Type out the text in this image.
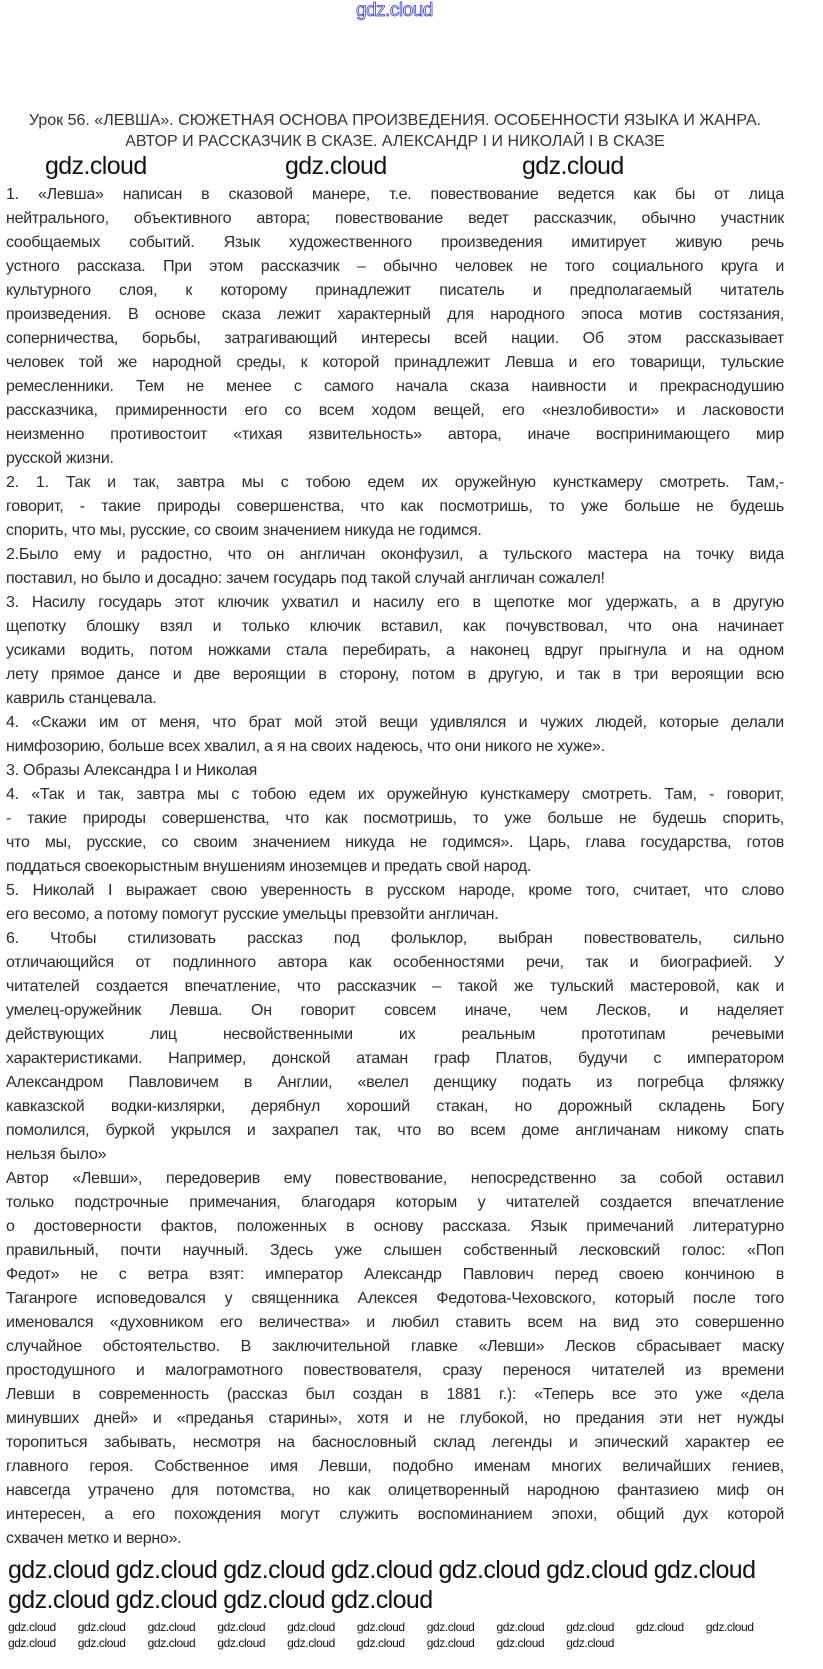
gdz.cloud
Урок 56. «ЛЕВША». СЮЖЕТНАЯ ОСНОВА ПРОИЗВЕДЕНИЯ. ОСОБЕННОСТИ ЯЗЫКА И ЖАНРА.
АВТОР И РАССКАЗЧИК В СКАЗЕ. АЛЕКСАНДР I И НИКОЛАЙ I В СКАЗЕ
gdz.cloud	gdz.cloud	gdz.cloud
1. «Левша» написан в сказовой манере, т.е. повествование ведется как бы от лица
нейтрального, объективного автора; повествование ведет рассказчик, обычно участник
сообщаемых событий. Язык художественного произведения имитирует живую речь
устного рассказа. При этом рассказчик – обычно человек не того социального круга и
культурного слоя, к которому принадлежит писатель и предполагаемый читатель
произведения. В основе сказа лежит характерный для народного эпоса мотив состязания,
соперничества, борьбы, затрагивающий интересы всей нации. Об этом рассказывает
человек той же народной среды, к которой принадлежит Левша и его товарищи, тульские
ремесленники. Тем не менее с самого начала сказа наивности и прекраснодушию
рассказчика, примиренности его со всем ходом вещей, его «незлобивости» и ласковости
неизменно противостоит «тихая язвительность» автора, иначе воспринимающего мир
русской жизни.
2. 1. Так и так, завтра мы с тобою едем их оружейную кунсткамеру смотреть. Там,-
говорит, - такие природы совершенства, что как посмотришь, то уже больше не будешь
спорить, что мы, русские, со своим значением никуда не годимся.
2.Было ему и радостно, что он англичан оконфузил, а тульского мастера на точку вида
поставил, но было и досадно: зачем государь под такой случай англичан сожалел!
3. Насилу государь этот ключик ухватил и насилу его в щепотке мог удержать, а в другую
щепотку блошку взял и только ключик вставил, как почувствовал, что она начинает
усиками водить, потом ножками стала перебирать, а наконец вдруг прыгнула и на одном
лету прямое дансе и две вероящии в сторону, потом в другую, и так в три вероящии всю
кавриль станцевала.
4. «Скажи им от меня, что брат мой этой вещи удивлялся и чужих людей, которые делали
нимфозорию, больше всех хвалил, а я на своих надеюсь, что они никого не хуже».
3. Образы Александра I и Николая
4. «Так и так, завтра мы с тобою едем их оружейную кунсткамеру смотреть. Там, - говорит,
- такие природы совершенства, что как посмотришь, то уже больше не будешь спорить,
что мы, русские, со своим значением никуда не годимся». Царь, глава государства, готов
поддаться своекорыстным внушениям иноземцев и предать свой народ.
5. Николай I выражает свою уверенность в русском народе, кроме того, считает, что слово
его весомо, а потому помогут русские умельцы превзойти англичан.
6. Чтобы стилизовать рассказ под фольклор, выбран повествователь, сильно
отличающийся от подлинного автора как особенностями речи, так и биографией. У
читателей создается впечатление, что рассказчик – такой же тульский мастеровой, как и
умелец-оружейник Левша. Он говорит совсем иначе, чем Лесков, и наделяет
действующих лиц несвойственными их реальным прототипам речевыми
характеристиками. Например, донской атаман граф Платов, будучи с императором
Александром Павловичем в Англии, «велел денщику подать из погребца фляжку
кавказской водки-кизлярки, дерябнул хороший стакан, но дорожный складень Богу
помолился, буркой укрылся и захрапел так, что во всем доме англичанам никому спать
нельзя было»
Автор «Левши», передоверив ему повествование, непосредственно за собой оставил
только подстрочные примечания, благодаря которым у читателей создается впечатление
о достоверности фактов, положенных в основу рассказа. Язык примечаний литературно
правильный, почти научный. Здесь уже слышен собственный лесковский голос: «Поп
Федот» не с ветра взят: император Александр Павлович перед своею кончиною в
Таганроге исповедовался у священника Алексея Федотова-Чеховского, который после того
именовался «духовником его величества» и любил ставить всем на вид это совершенно
случайное обстоятельство. В заключительной главке «Левши» Лесков сбрасывает маску
простодушного и малограмотного повествователя, сразу перенося читателей из времени
Левши в современность (рассказ был создан в 1881 г.): «Теперь все это уже «дела
минувших дней» и «преданья старины», хотя и не глубокой, но предания эти нет нужды
торопиться забывать, несмотря на баснословный склад легенды и эпический характер ее
главного героя. Собственное имя Левши, подобно именам многих величайших гениев,
навсегда утрачено для потомства, но как олицетворенный народною фантазиею миф он
интересен, а его похождения могут служить воспоминанием эпохи, общий дух которой
схвачен метко и верно».
gdz.cloud gdz.cloud gdz.cloud gdz.cloud gdz.cloud gdz.cloud gdz.cloud
gdz.cloud gdz.cloud gdz.cloud gdz.cloud
gdz.cloud gdz.cloud gdz.cloud gdz.cloud gdz.cloud gdz.cloud gdz.cloud gdz.cloud gdz.cloud gdz.cloud gdz.cloud
gdz.cloud gdz.cloud gdz.cloud gdz.cloud gdz.cloud gdz.cloud gdz.cloud gdz.cloud gdz.cloud
